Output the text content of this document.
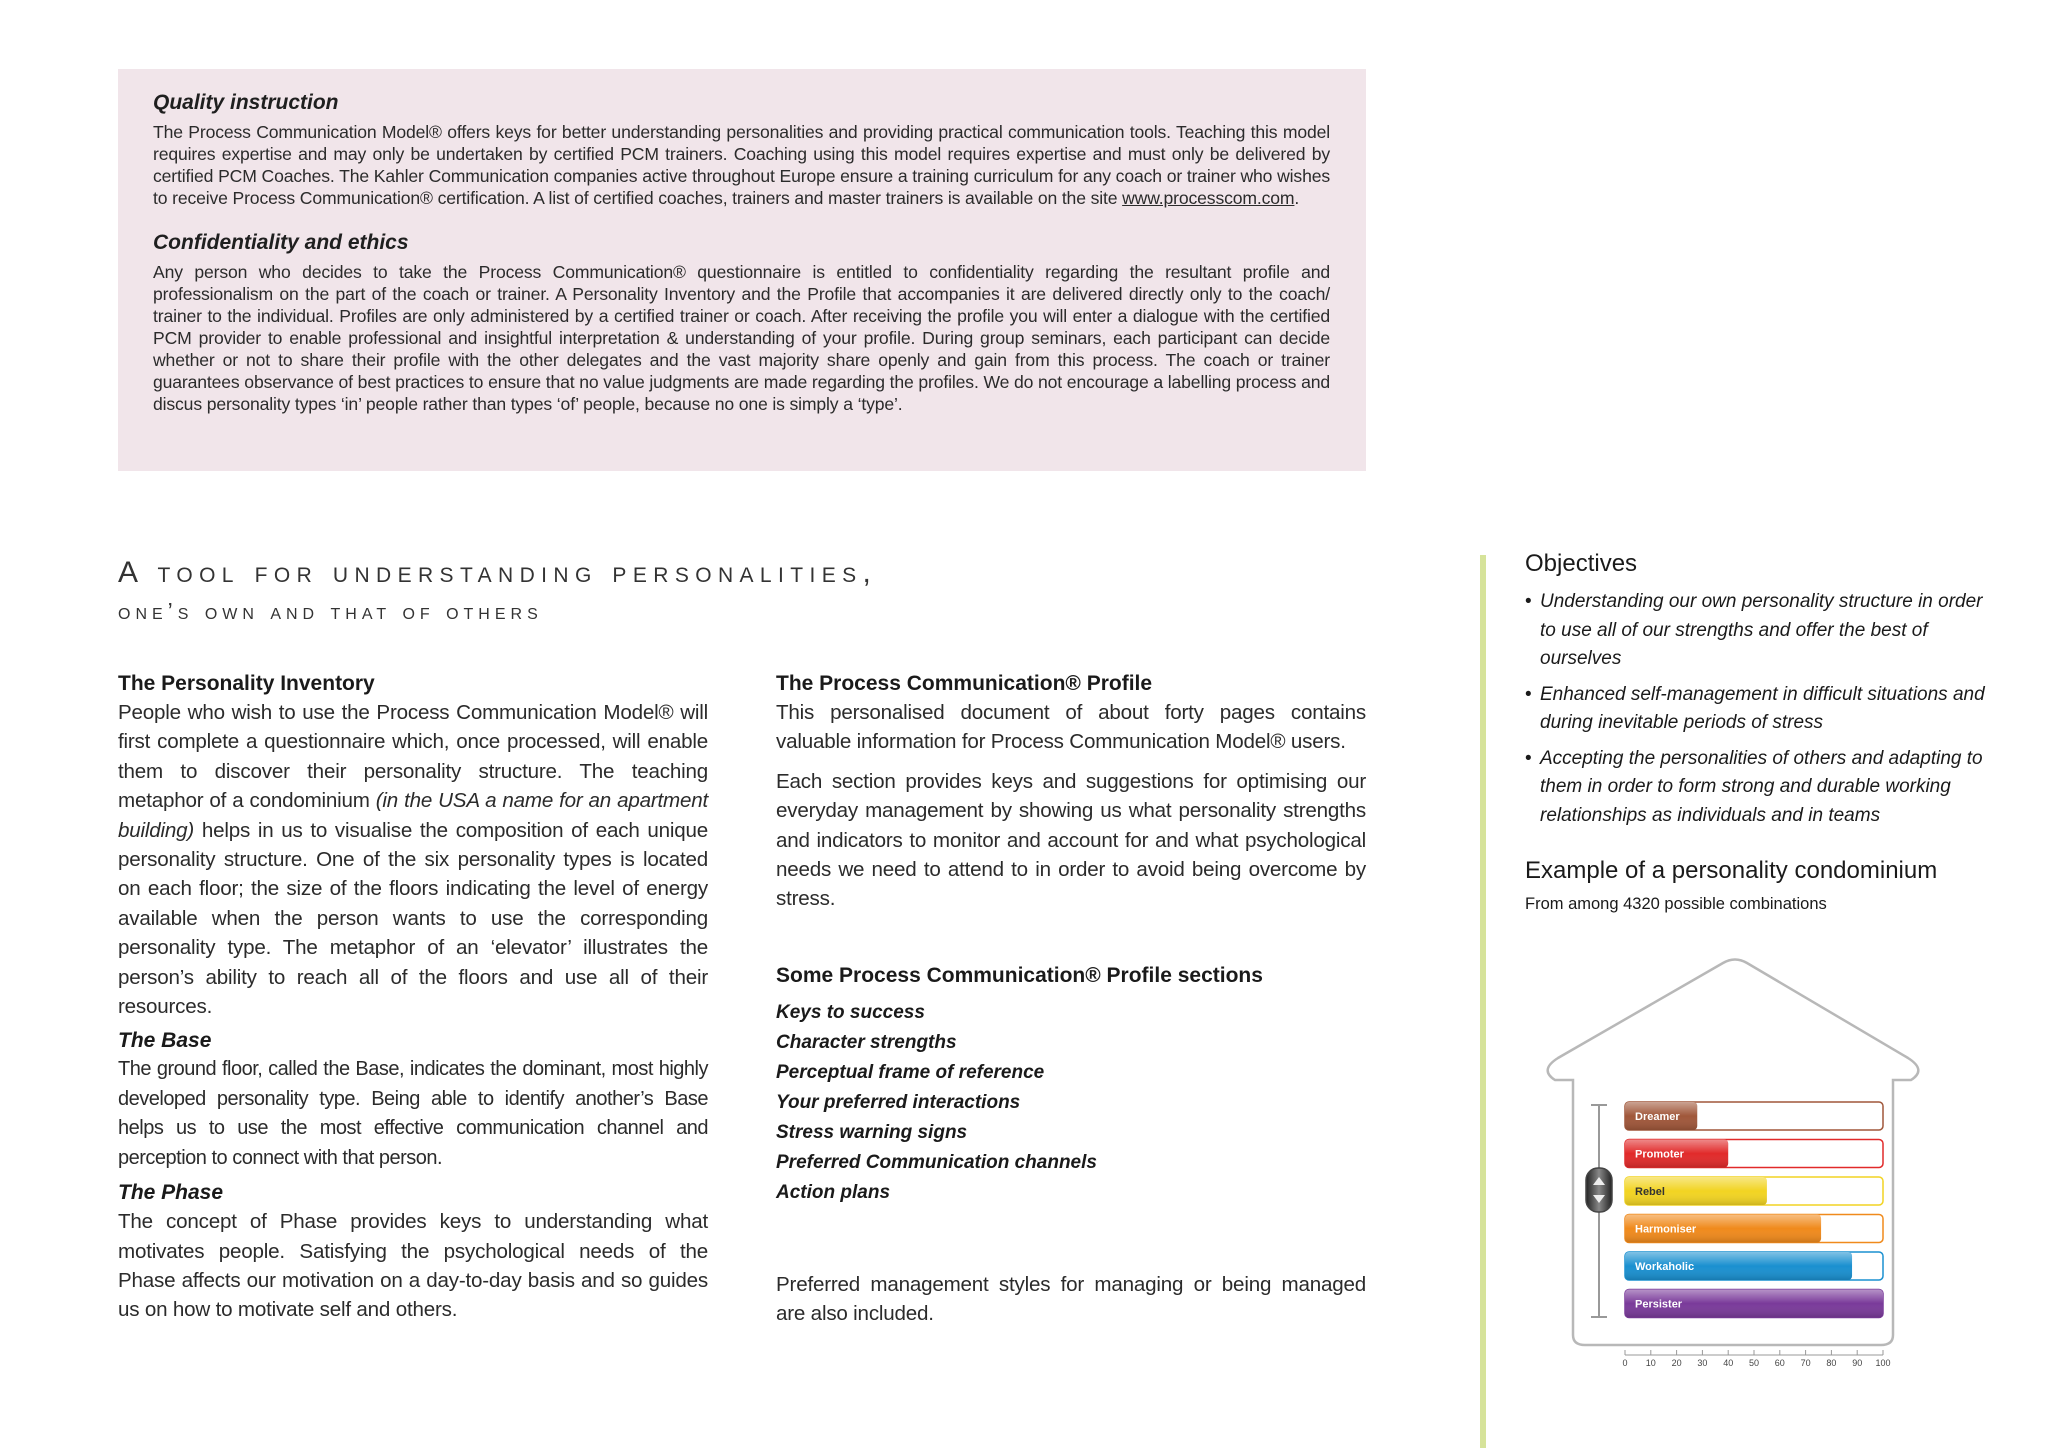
Quality instruction

The Process Communication Model® offers keys for better understanding personalities and providing practical communication tools. Teaching this model requires expertise and may only be undertaken by certified PCM trainers. Coaching using this model requires expertise and must only be delivered by certified PCM Coaches. The Kahler Communication companies active throughout Europe ensure a training curriculum for any coach or trainer who wishes to receive Process Communication® certification. A list of certified coaches, trainers and master trainers is available on the site www.processcom.com.

Confidentiality and ethics

Any person who decides to take the Process Communication® questionnaire is entitled to confidentiality regarding the resultant profile and professionalism on the part of the coach or trainer. A Personality Inventory and the Profile that accompanies it are delivered directly only to the coach/ trainer to the individual. Profiles are only administered by a certified trainer or coach. After receiving the profile you will enter a dialogue with the certified PCM provider to enable professional and insightful interpretation & understanding of your profile. During group seminars, each participant can decide whether or not to share their profile with the other delegates and the vast majority share openly and gain from this process. The coach or trainer guarantees observance of best practices to ensure that no value judgments are made regarding the profiles. We do not encourage a labelling process and discus personality types ‘in’ people rather than types ‘of’ people, because no one is simply a ‘type’.

A tool for understanding personalities,
one’s own and that of others
The Personality Inventory

People who wish to use the Process Communication Model® will first complete a questionnaire which, once processed, will enable them to discover their personality structure. The teaching metaphor of a condominium (in the USA a name for an apartment building) helps in us to visualise the composition of each unique personality structure. One of the six personality types is located on each floor; the size of the floors indicating the level of energy available when the person wants to use the corresponding personality type. The metaphor of an ‘elevator’ illustrates the person’s ability to reach all of the floors and use all of their resources.

The Base

The ground floor, called the Base, indicates the dominant, most highly developed personality type. Being able to identify another’s Base helps us to use the most effective communication channel and perception to connect with that person.

The Phase

The concept of Phase provides keys to understanding what motivates people. Satisfying the psychological needs of the Phase affects our motivation on a day-to-day basis and so guides us on how to motivate self and others.

The Process Communication® Profile

This personalised document of about forty pages contains valuable information for Process Communication Model® users.

Each section provides keys and suggestions for optimising our everyday management by showing us what personality strengths and indicators to monitor and account for and what psychological needs we need to attend to in order to avoid being overcome by stress.

Some Process Communication® Profile sections
Keys to success
Character strengths
Perceptual frame of reference
Your preferred interactions
Stress warning signs
Preferred Communication channels
Action plans

Preferred management styles for managing or being managed are also included.

Objectives
• Understanding our own personality structure in order to use all of our strengths and offer the best of ourselves
• Enhanced self-management in difficult situations and during inevitable periods of stress
• Accepting the personalities of others and adapting to them in order to form strong and durable working relationships as individuals and in teams
Example of a personality condominium

From among 4320 possible combinations

Dreamer
Promoter
Rebel
Harmoniser
Workaholic
Persister
0 10 20 30 40 50 60 70 80 90 100
